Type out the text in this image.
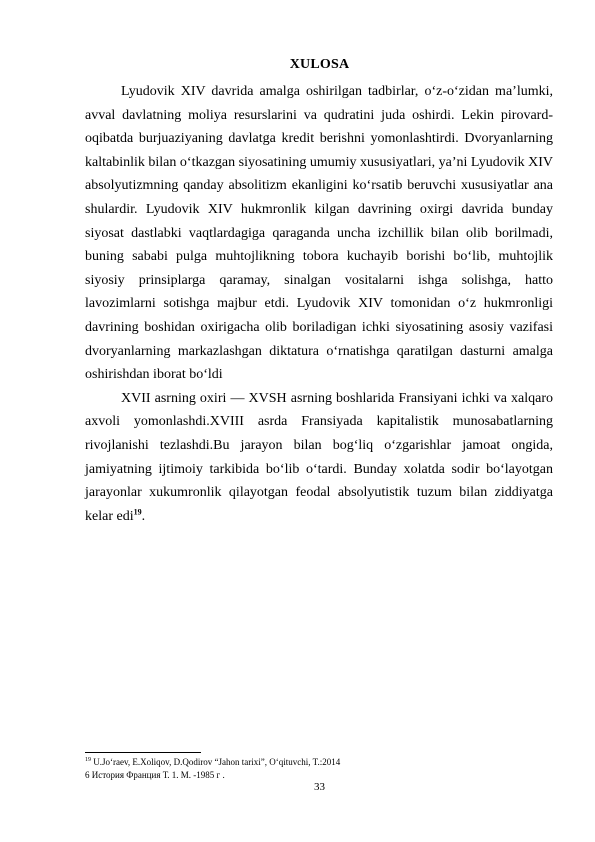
XULOSA

Lyudovik XIV davrida amalga oshirilgan tadbirlar, o‘z-o‘zidan ma’lumki, avval davlatning moliya resurslarini va qudratini juda oshirdi. Lekin pirovard-oqibatda burjuaziyaning davlatga kredit berishni yomonlashtirdi. Dvoryanlarning kaltabinlik bilan o‘tkazgan siyosatining umumiy xususiyatlari, ya’ni Lyudovik XIV absolyutizmning qanday absolitizm ekanligini ko‘rsatib beruvchi xususiyatlar ana shulardir. Lyudovik XIV hukmronlik kilgan davrining oxirgi davrida bunday siyosat dastlabki vaqtlardagiga qaraganda uncha izchillik bilan olib borilmadi, buning sababi pulga muhtojlikning tobora kuchayib borishi bo‘lib, muhtojlik siyosiy prinsiplarga qaramay, sinalgan vositalarni ishga solishga, hatto lavozimlarni sotishga majbur etdi. Lyudovik XIV tomonidan o‘z hukmronligi davrining boshidan oxirigacha olib boriladigan ichki siyosatining asosiy vazifasi dvoryanlarning markazlashgan diktatura o‘rnatishga qaratilgan dasturni amalga oshirishdan iborat bo‘ldi

XVII asrning oxiri — XVSH asrning boshlarida Fransiyani ichki va xalqaro axvoli yomonlashdi.XVIII asrda Fransiyada kapitalistik munosabatlarning rivojlanishi tezlashdi.Bu jarayon bilan bog‘liq o‘zgarishlar jamoat ongida, jamiyatning ijtimoiy tarkibida bo‘lib o‘tardi. Bunday xolatda sodir bo‘layotgan jarayonlar xukumronlik qilayotgan feodal absolyutistik tuzum bilan ziddiyatga kelar edi$^{19}$.

$^{19}$ U.Jo‘raev, E.Xoliqov, D.Qodirov “Jahon tarixi”, O‘qituvchi, T.:2014

6 История Франция Т. 1. М. -1985 г .

33
